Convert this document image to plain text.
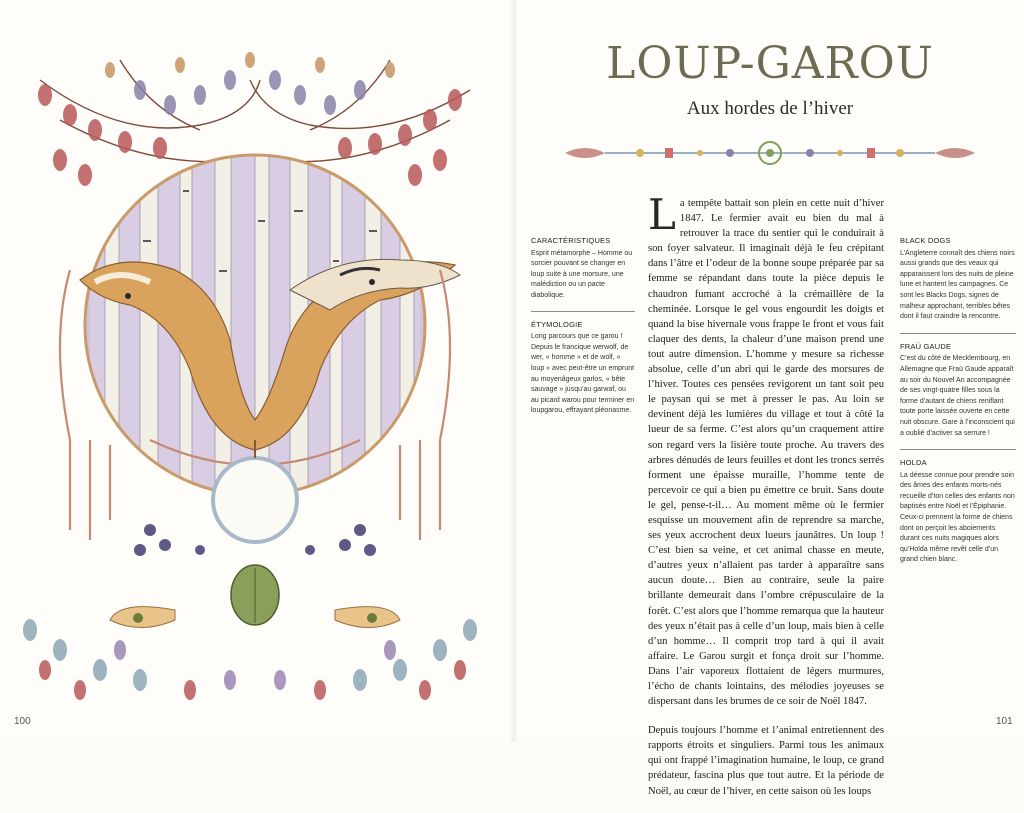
100	101
LOUP-GAROU
Aux hordes de l’hiver
CARACTÉRISTIQUES
Esprit métamorphe – Homme ou sorcier pouvant se changer en loup suite à une morsure, une malédiction ou un pacte diabolique.
ÉTYMOLOGIE
Long parcours que ce garou ! Depuis le francique werwolf, de wer, « homme » et de wolf, « loup » avec peut-être un emprunt au moyenâgeux garlos, « bête sauvage » jusqu’au garwaf, ou au picard warou pour terminer en loupgarou, effrayant pléonasme.

La tempête battait son plein en cette nuit d’hiver 1847. Le fermier avait eu bien du mal à retrouver la trace du sentier qui le conduirait à son foyer salvateur. Il imaginait déjà le feu crépitant dans l’âtre et l’odeur de la bonne soupe préparée par sa femme se répandant dans toute la pièce depuis le chaudron fumant accroché à la crémaillère de la cheminée. Lorsque le gel vous engourdit les doigts et quand la bise hivernale vous frappe le front et vous fait claquer des dents, la chaleur d’une maison prend une tout autre dimension. L’homme y mesure sa richesse absolue, celle d’un abri qui le garde des morsures de l’hiver. Toutes ces pensées revigorent un tant soit peu le paysan qui se met à presser le pas. Au loin se devinent déjà les lumières du village et tout à côté la lueur de sa ferme. C’est alors qu’un craquement attire son regard vers la lisière toute proche. Au travers des arbres dénudés de leurs feuilles et dont les troncs serrés forment une épaisse muraille, l’homme tente de percevoir ce qui a bien pu émettre ce bruit. Sans doute le gel, pense-t-il… Au moment même où le fermier esquisse un mouvement afin de reprendre sa marche, ses yeux accrochent deux lueurs jaunâtres. Un loup ! C’est bien sa veine, et cet animal chasse en meute, d’autres yeux n’allaient pas tarder à apparaître sans aucun doute… Bien au contraire, seule la paire brillante demeurait dans l’ombre crépusculaire de la forêt. C’est alors que l’homme remarqua que la hauteur des yeux n’était pas à celle d’un loup, mais bien à celle d’un homme… Il comprit trop tard à qui il avait affaire. Le Garou surgit et fonça droit sur l’homme. Dans l’air vaporeux flottaient de légers murmures, l’écho de chants lointains, des mélodies joyeuses se dispersant dans les brumes de ce soir de Noël 1847.

Depuis toujours l’homme et l’animal entretiennent des rapports étroits et singuliers. Parmi tous les animaux qui ont frappé l’imagination humaine, le loup, ce grand prédateur, fascina plus que tout autre. Et la période de Noël, au cœur de l’hiver, en cette saison où les loups

BLACK DOGS
L’Angleterre connaît des chiens noirs aussi grands que des veaux qui apparaissent lors des nuits de pleine lune et hantent les campagnes. Ce sont les Blacks Dogs, signes de malheur approchant, terribles bêtes dont il faut craindre la rencontre.
FRAÜ GAUDE
C’est du côté de Mecklembourg, en Allemagne que Fraü Gaude apparaît au soir du Nouvel An accompagnée de ses vingt-quatre filles sous la forme d’autant de chiens reniflant toute porte laissée ouverte en cette nuit obscure. Gare à l’inconscient qui a oublié d’activer sa serrure !
HOLDA
La déesse connue pour prendre soin des âmes des enfants morts-nés recueille d’ton celles des enfants non baptisés entre Noël et l’Épiphanie. Ceux-ci prennent la forme de chiens dont on perçoit les aboiements durant ces nuits magiques alors qu’Holda même revêt celle d’un grand chien blanc.
